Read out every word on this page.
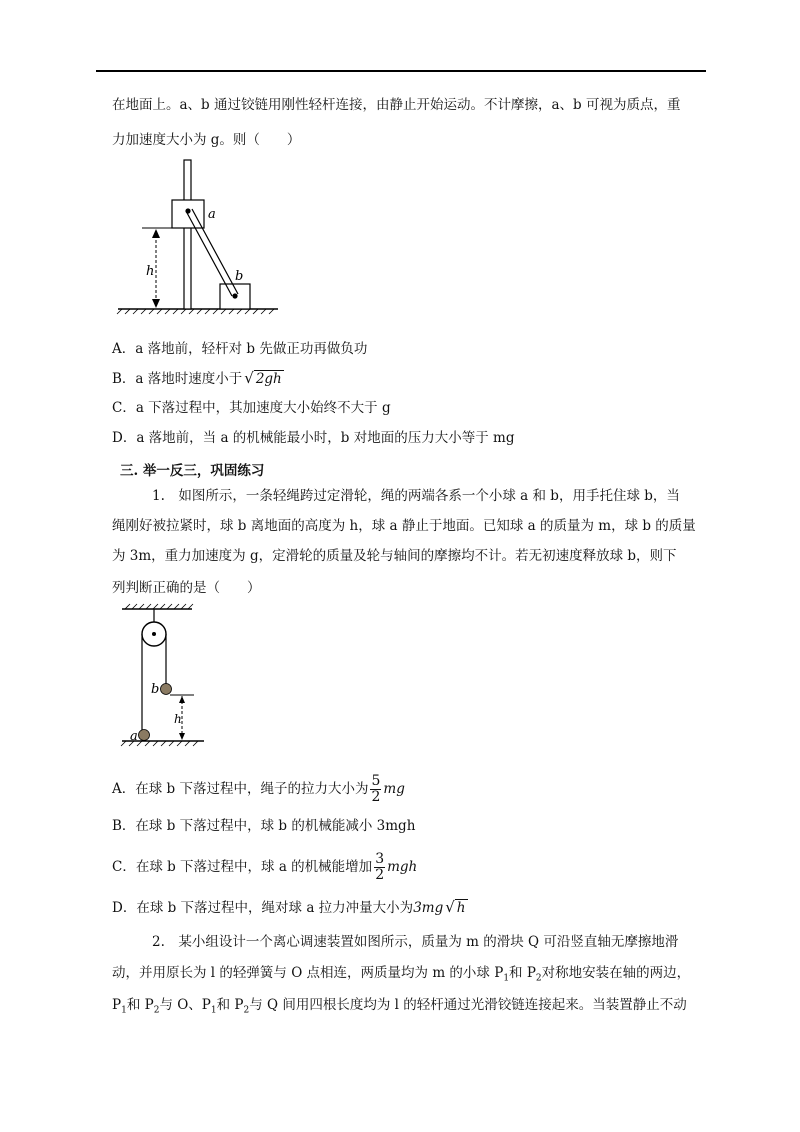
在地面上。a、b 通过铰链用刚性轻杆连接，由静止开始运动。不计摩擦，a、b 可视为质点，重
力加速度大小为 g。则（　　）
h
a
b
A．a 落地前，轻杆对 b 先做正功再做负功
B．a 落地时速度小于 √ 2gh
C．a 下落过程中，其加速度大小始终不大于 g
D．a 落地前，当 a 的机械能最小时，b 对地面的压力大小等于 mg
三. 举一反三，巩固练习
1.　如图所示，一条轻绳跨过定滑轮，绳的两端各系一个小球 a 和 b，用手托住球 b，当
绳刚好被拉紧时，球 b 离地面的高度为 h，球 a 静止于地面。已知球 a 的质量为 m，球 b 的质量
为 3m，重力加速度为 g，定滑轮的质量及轮与轴间的摩擦均不计。若无初速度释放球 b，则下
列判断正确的是（　　）
h
b
a
A．在球 b 下落过程中，绳子的拉力大小为 $\frac{5}{2}$ mg
B．在球 b 下落过程中，球 b 的机械能减小 3mgh
C．在球 b 下落过程中，球 a 的机械能增加 $\frac{3}{2}$ mgh
D．在球 b 下落过程中，绳对球 a 拉力冲量大小为3mg √ h
2.　某小组设计一个离心调速装置如图所示，质量为 m 的滑块 Q 可沿竖直轴无摩擦地滑
动，并用原长为 l 的轻弹簧与 O 点相连，两质量均为 m 的小球 $P_1$和 $P_2$对称地安装在轴的两边，
$P_1$和 $P_2$与 O、$P_1$和 $P_2$与 Q 间用四根长度均为 l 的轻杆通过光滑铰链连接起来。当装置静止不动
